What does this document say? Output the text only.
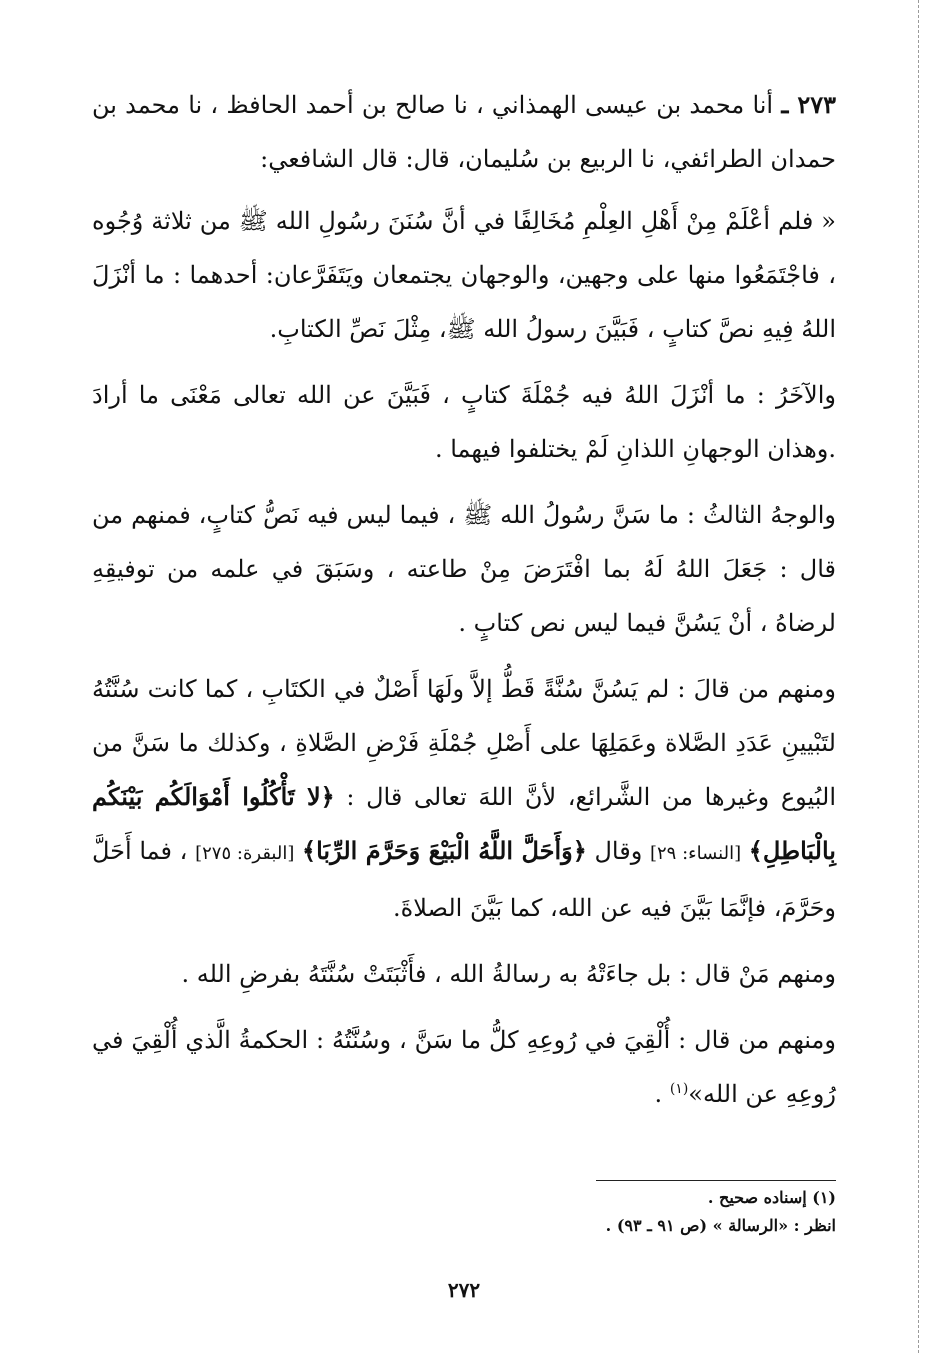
٢٧٣ ـ أنا محمد بن عيسى الهمذاني ، نا صالح بن أحمد الحافظ ، نا محمد بن حمدان الطرائفي، نا الربيع بن سُليمان، قال: قال الشافعي:

« فلم أعْلَمْ مِنْ أَهْلِ العِلْمِ مُخَالِفًا في أنَّ سُنَنَ رسُولِ الله ﷺ من ثلاثة وُجُوه ، فاجْتَمَعُوا منها على وجهين، والوجهان يجتمعان ويَتَفَرَّعان: أحدهما : ما أنْزَلَ اللهُ فِيهِ نصَّ كتابٍ ، فَبَيَّنَ رسولُ الله ﷺ، مِثْلَ نَصِّ الكتابِ.

والآخَرُ : ما أنْزَلَ اللهُ فيه جُمْلَةَ كتابٍ ، فَبَيَّنَ عن الله تعالى مَعْنَى ما أرادَ .وهذان الوجهانِ اللذانِ لَمْ يختلفوا فيهما .

والوجهُ الثالثُ : ما سَنَّ رسُولُ الله ﷺ ، فيما ليس فيه نَصُّ كتابٍ، فمنهم من قال : جَعَلَ اللهُ لَهُ بما افْتَرَضَ مِنْ طاعته ، وسَبَقَ في علمه من توفيقِهِ لرضاهُ ، أنْ يَسُنَّ فيما ليس نص كتابٍ .

ومنهم من قالَ : لم يَسُنَّ سُنَّةً قَطُّ إلاَّ ولَهَا أَصْلٌ في الكتَابِ ، كما كانت سُنَّتُهُ لتَبْيينِ عَدَدِ الصَّلاة وعَمَلِهَا على أَصْلِ جُمْلَةِ فَرْضِ الصَّلاةِ ، وكذلك ما سَنَّ من البُيوع وغيرها من الشَّرائع، لأنَّ اللهَ تعالى قال : ﴿لا تَأْكُلُوا أَمْوَالَكُم بَيْنَكُم بِالْبَاطِلِ﴾ [النساء: ٢٩] وقال ﴿وَأَحَلَّ اللَّهُ الْبَيْعَ وَحَرَّمَ الرِّبَا﴾ [البقرة: ٢٧٥] ، فما أَحَلَّ وحَرَّمَ، فإنَّمَا بَيَّنَ فيه عن الله، كما بَيَّنَ الصلاةَ.

ومنهم مَنْ قال : بل جاءَتْهُ به رسالةُ الله ، فأَثْبَتَتْ سُنَّتَهُ بفرضِ الله .

ومنهم من قال : أُلْقِيَ في رُوعِهِ كلُّ ما سَنَّ ، وسُنَّتُهُ : الحكمةُ الَّذي أُلْقِيَ في رُوعِهِ عن الله»$^{(١)}$ .

(١) إسناده صحيح .

انظر : «الرسالة » (ص ٩١ ـ ٩٣) .

٢٧٢
